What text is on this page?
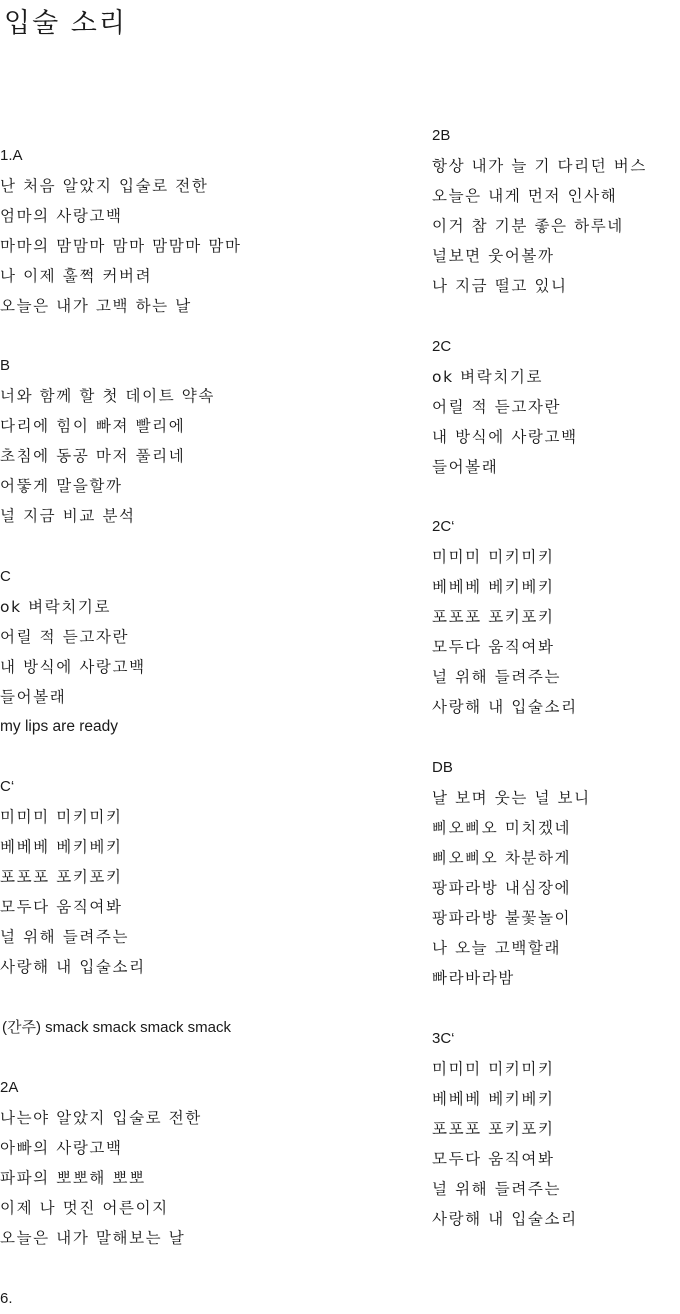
입술 소리
1.A
난 처음 알았지 입술로 전한
엄마의 사랑고백
마마의 맘맘마 맘마 맘맘마 맘마
나 이제 훌쩍 커버려
오늘은 내가 고백 하는 날
B
너와 함께 할 첫 데이트 약속
다리에 힘이 빠져 빨리에
초침에 동공 마저 풀리네
어뚷게 말을할까
널 지금 비교 분석
C
ok 벼락치기로
어릴 적 듣고자란
내 방식에 사랑고백
들어볼래
my lips are ready
C‘
미미미 미키미키
베베베 베키베키
포포포 포키포키
모두다 움직여봐
널 위해 들려주는
사랑해 내 입술소리
(간주) smack smack smack smack
2A
나는야 알았지 입술로 전한
아빠의 사랑고백
파파의 뽀뽀해 뽀뽀
이제 나 멋진 어른이지
오늘은 내가 말해보는 날
6.
2B
항상 내가 늘 기 다리던 버스
오늘은 내게 먼저 인사해
이거 참 기분 좋은 하루네
널보면 웃어볼까
나 지금 떨고 있니
2C
ok 벼락치기로
어릴 적 듣고자란
내 방식에 사랑고백
들어볼래
2C‘
미미미 미키미키
베베베 베키베키
포포포 포키포키
모두다 움직여봐
널 위해 들려주는
사랑해 내 입술소리
DB
날 보며 웃는 널 보니
삐오삐오 미치겠네
삐오삐오 차분하게
팡파라방 내심장에
팡파라방 불꽃놀이
나 오늘 고백할래
빠라바라밤
3C‘
미미미 미키미키
베베베 베키베키
포포포 포키포키
모두다 움직여봐
널 위해 들려주는
사랑해 내 입술소리
